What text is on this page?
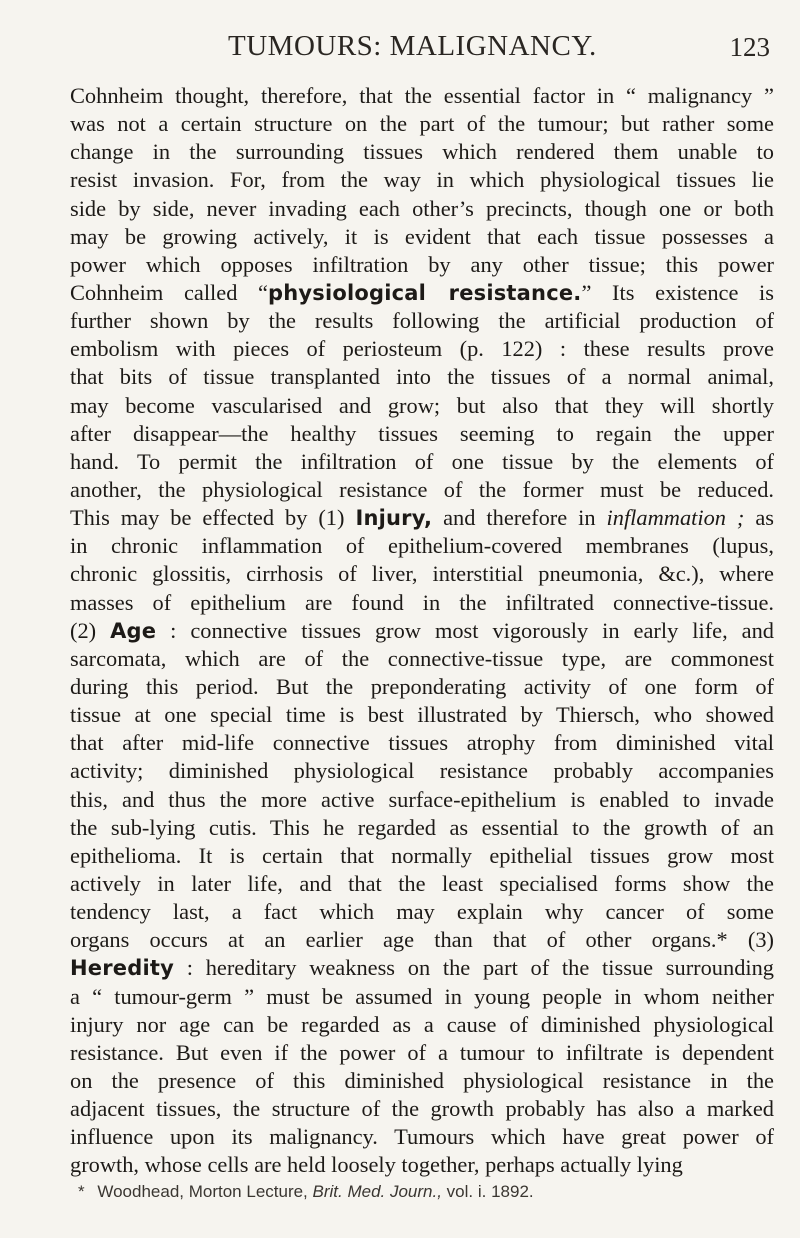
TUMOURS: MALIGNANCY.	123
Cohnheim thought, therefore, that the essential factor in “ malignancy ”
was not a certain structure on the part of the tumour; but rather some
change in the surrounding tissues which rendered them unable to
resist invasion. For, from the way in which physiological tissues lie
side by side, never invading each other’s precincts, though one or both
may be growing actively, it is evident that each tissue possesses a
power which opposes infiltration by any other tissue; this power
Cohnheim called “physiological resistance.” Its existence is
further shown by the results following the artificial production of
embolism with pieces of periosteum (p. 122) : these results prove
that bits of tissue transplanted into the tissues of a normal animal,
may become vascularised and grow; but also that they will shortly
after disappear—the healthy tissues seeming to regain the upper
hand. To permit the infiltration of one tissue by the elements of
another, the physiological resistance of the former must be reduced.
This may be effected by (1) Injury, and therefore in inflammation ; as
in chronic inflammation of epithelium-covered membranes (lupus,
chronic glossitis, cirrhosis of liver, interstitial pneumonia, &c.), where
masses of epithelium are found in the infiltrated connective-tissue.
(2) Age : connective tissues grow most vigorously in early life, and
sarcomata, which are of the connective-tissue type, are commonest
during this period. But the preponderating activity of one form of
tissue at one special time is best illustrated by Thiersch, who showed
that after mid-life connective tissues atrophy from diminished vital
activity; diminished physiological resistance probably accompanies
this, and thus the more active surface-epithelium is enabled to invade
the sub-lying cutis. This he regarded as essential to the growth of an
epithelioma. It is certain that normally epithelial tissues grow most
actively in later life, and that the least specialised forms show the
tendency last, a fact which may explain why cancer of some
organs occurs at an earlier age than that of other organs.* (3)
Heredity : hereditary weakness on the part of the tissue surrounding
a “ tumour-germ ” must be assumed in young people in whom neither
injury nor age can be regarded as a cause of diminished physiological
resistance. But even if the power of a tumour to infiltrate is dependent
on the presence of this diminished physiological resistance in the
adjacent tissues, the structure of the growth probably has also a marked
influence upon its malignancy. Tumours which have great power of
growth, whose cells are held loosely together, perhaps actually lying
* Woodhead, Morton Lecture, Brit. Med. Journ., vol. i. 1892.
